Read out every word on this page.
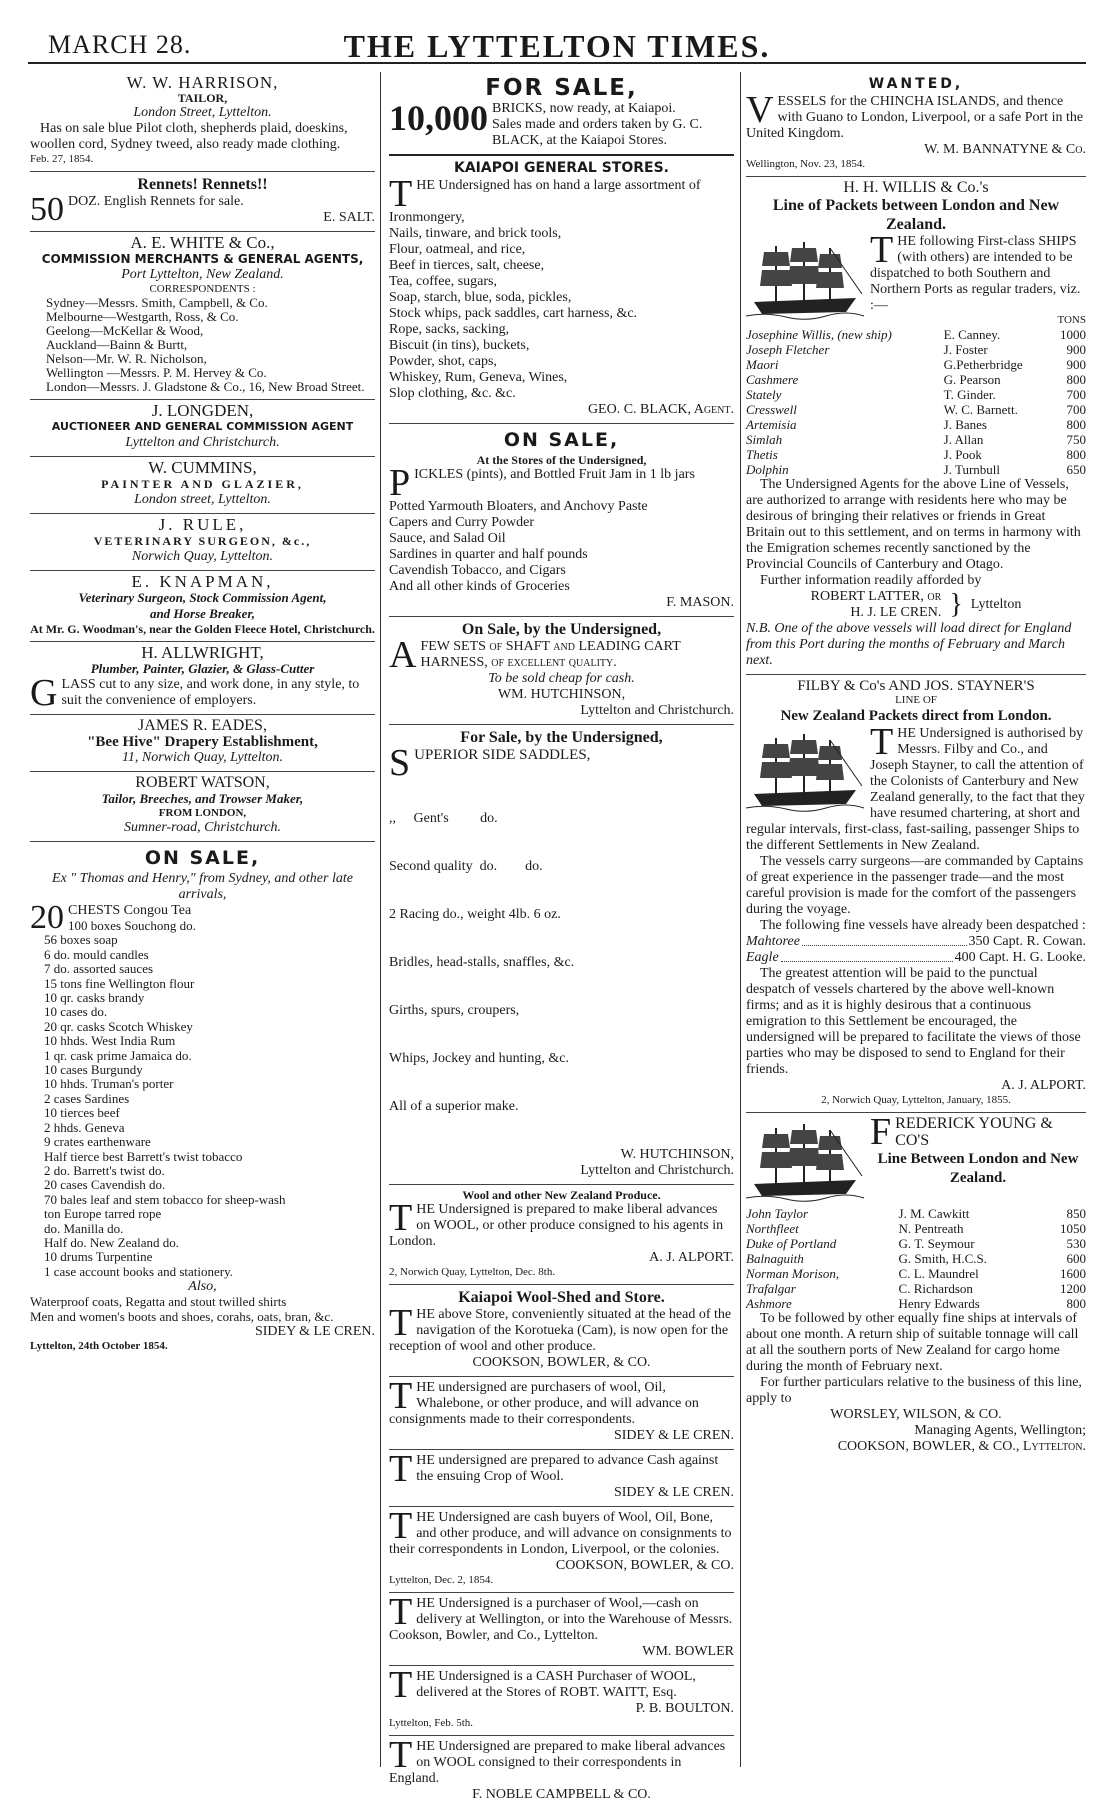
MARCH 28.	THE LYTTELTON TIMES.
W. W. HARRISON,
TAILOR,
London Street, Lyttelton.
Has on sale blue Pilot cloth, shepherds plaid, doeskins, woollen cord, Sydney tweed, also ready made clothing.
Feb. 27, 1854.
Rennets! Rennets!!
50 DOZ. English Rennets for sale.
E. SALT.
A. E. WHITE & Co.,
COMMISSION MERCHANTS & GENERAL AGENTS,
Port Lyttelton, New Zealand.
CORRESPONDENTS :
Sydney—Messrs. Smith, Campbell, & Co.
Melbourne—Westgarth, Ross, & Co.
Geelong—McKellar & Wood,
Auckland—Bainn & Burtt,
Nelson—Mr. W. R. Nicholson,
Wellington —Messrs. P. M. Hervey & Co.
London—Messrs. J. Gladstone & Co., 16, New Broad Street.
J. LONGDEN,
AUCTIONEER AND GENERAL COMMISSION AGENT
Lyttelton and Christchurch.
W. CUMMINS,
PAINTER AND GLAZIER,
London street, Lyttelton.
J. RULE,
VETERINARY SURGEON, &c.,
Norwich Quay, Lyttelton.
E. KNAPMAN,
Veterinary Surgeon, Stock Commission Agent,
and Horse Breaker,
At Mr. G. Woodman's, near the Golden Fleece Hotel, Christchurch.
H. ALLWRIGHT,
Plumber, Painter, Glazier, & Glass-Cutter
GLASS cut to any size, and work done, in any style, to suit the convenience of employers.
JAMES R. EADES,
"Bee Hive" Drapery Establishment,
11, Norwich Quay, Lyttelton.
ROBERT WATSON,
Tailor, Breeches, and Trowser Maker,
FROM LONDON,
Sumner-road, Christchurch.
ON SALE,
Ex " Thomas and Henry," from Sydney, and other late arrivals,
20 CHESTS Congou Tea
100 boxes Souchong do.
56 boxes soap
6 do. mould candles
7 do. assorted sauces
15 tons fine Wellington flour
10 qr. casks brandy
10 cases do.
20 qr. casks Scotch Whiskey
10 hhds. West India Rum
1 qr. cask prime Jamaica do.
10 cases Burgundy
10 hhds. Truman's porter
2 cases Sardines
10 tierces beef
2 hhds. Geneva
9 crates earthenware
Half tierce best Barrett's twist tobacco
2 do. Barrett's twist do.
20 cases Cavendish do.
70 bales leaf and stem tobacco for sheep-wash
ton Europe tarred rope
do. Manilla do.
Half do. New Zealand do.
10 drums Turpentine
1 case account books and stationery.
Also,
Waterproof coats, Regatta and stout twilled shirts
Men and women's boots and shoes, corahs, oats, bran, &c.
SIDEY & LE CREN.
Lyttelton, 24th October 1854.
FOR SALE,
10,000 BRICKS, now ready, at Kaiapoi.
Sales made and orders taken by G. C. BLACK, at the Kaiapoi Stores.
KAIAPOI GENERAL STORES.
THE Undersigned has on hand a large assortment of
Ironmongery,
Nails, tinware, and brick tools,
Flour, oatmeal, and rice,
Beef in tierces, salt, cheese,
Tea, coffee, sugars,
Soap, starch, blue, soda, pickles,
Stock whips, pack saddles, cart harness, &c.
Rope, sacks, sacking,
Biscuit (in tins), buckets,
Powder, shot, caps,
Whiskey, Rum, Geneva, Wines,
Slop clothing, &c. &c.
GEO. C. BLACK, Agent.
ON SALE,
At the Stores of the Undersigned,
PICKLES (pints), and Bottled Fruit Jam in 1 lb jars
Potted Yarmouth Bloaters, and Anchovy Paste
Capers and Curry Powder
Sauce, and Salad Oil
Sardines in quarter and half pounds
Cavendish Tobacco, and Cigars
And all other kinds of Groceries
F. MASON.
On Sale, by the Undersigned,
AFEW SETS of SHAFT and LEADING CART HARNESS, of excellent quality.
To be sold cheap for cash.
WM. HUTCHINSON,
Lyttelton and Christchurch.
For Sale, by the Undersigned,
SUPERIOR SIDE SADDLES,

,,     Gent's         do.

Second quality  do.        do.

2 Racing do., weight 4lb. 6 oz.

Bridles, head-stalls, snaffles, &c.

Girths, spurs, croupers,

Whips, Jockey and hunting, &c.

All of a superior make.

W. HUTCHINSON,
Lyttelton and Christchurch.
Wool and other New Zealand Produce.
THE Undersigned is prepared to make liberal advances on WOOL, or other produce consigned to his agents in London.
A. J. ALPORT.
2, Norwich Quay, Lyttelton, Dec. 8th.
Kaiapoi Wool-Shed and Store.
THE above Store, conveniently situated at the head of the navigation of the Korotueka (Cam), is now open for the reception of wool and other produce.
COOKSON, BOWLER, & CO.
THE undersigned are purchasers of wool, Oil, Whalebone, or other produce, and will advance on consignments made to their correspondents.
SIDEY & LE CREN.
THE undersigned are prepared to advance Cash against the ensuing Crop of Wool.
SIDEY & LE CREN.
THE Undersigned are cash buyers of Wool, Oil, Bone, and other produce, and will advance on consignments to their correspondents in London, Liverpool, or the colonies.
COOKSON, BOWLER, & CO.
Lyttelton, Dec. 2, 1854.
THE Undersigned is a purchaser of Wool,—cash on delivery at Wellington, or into the Warehouse of Messrs. Cookson, Bowler, and Co., Lyttelton.
WM. BOWLER
THE Undersigned is a CASH Purchaser of WOOL, delivered at the Stores of ROBT. WAITT, Esq.
P. B. BOULTON.
Lyttelton, Feb. 5th.
THE Undersigned are prepared to make liberal advances on WOOL consigned to their correspondents in England.
F. NOBLE CAMPBELL & CO.
WANTED,
VESSELS for the CHINCHA ISLANDS, and thence with Guano to London, Liverpool, or a safe Port in the United Kingdom.
W. M. BANNATYNE & Co.
Wellington, Nov. 23, 1854.
H. H. WILLIS & Co.'s
Line of Packets between London and New Zealand.
THE following First-class SHIPS (with others) are intended to be dispatched to both Southern and Northern Ports as regular traders, viz. :—
TONS
Josephine Willis, (new ship)	E. Canney.	1000
Joseph Fletcher	J. Foster	900
Maori	G.Petherbridge	900
Cashmere	G. Pearson	800
Stately	T. Ginder.	700
Cresswell	W. C. Barnett.	700
Artemisia	J. Banes	800
Simlah	J. Allan	750
Thetis	J. Pook	800
Dolphin	J. Turnbull	650
The Undersigned Agents for the above Line of Vessels, are authorized to arrange with residents here who may be desirous of bringing their relatives or friends in Great Britain out to this settlement, and on terms in harmony with the Emigration schemes recently sanctioned by the Provincial Councils of Canterbury and Otago.
Further information readily afforded by
ROBERT LATTER, or
H. J. LE CREN. } Lyttelton
N.B. One of the above vessels will load direct for England from this Port during the months of February and March next.
FILBY & Co's AND JOS. STAYNER'S
LINE OF
New Zealand Packets direct from London.
THE Undersigned is authorised by Messrs. Filby and Co., and Joseph Stayner, to call the attention of the Colonists of Canterbury and New Zealand generally, to the fact that they have resumed chartering, at short and regular intervals, first-class, fast-sailing, passenger Ships to the different Settlements in New Zealand.
The vessels carry surgeons—are commanded by Captains of great experience in the passenger trade—and the most careful provision is made for the comfort of the passengers during the voyage.
The following fine vessels have already been despatched :
Mahtoree	350 Capt. R. Cowan.
Eagle	400 Capt. H. G. Looke.
The greatest attention will be paid to the punctual despatch of vessels chartered by the above well-known firms; and as it is highly desirous that a continuous emigration to this Settlement be encouraged, the undersigned will be prepared to facilitate the views of those parties who may be disposed to send to England for their friends.
A. J. ALPORT.
2, Norwich Quay, Lyttelton, January, 1855.
FREDERICK YOUNG & CO'S
Line Between London and New Zealand.
John Taylor	J. M. Cawkitt	850
Northfleet	N. Pentreath	1050
Duke of Portland	G. T. Seymour	530
Balnaguith	G. Smith, H.C.S.	600
Norman Morison,	C. L. Maundrel	1600
Trafalgar	C. Richardson	1200
Ashmore	Henry Edwards	800
To be followed by other equally fine ships at intervals of about one month. A return ship of suitable tonnage will call at all the southern ports of New Zealand for cargo home during the month of February next.
For further particulars relative to the business of this line, apply to
WORSLEY, WILSON, & CO.
Managing Agents, Wellington;
COOKSON, BOWLER, & CO., Lyttelton.
